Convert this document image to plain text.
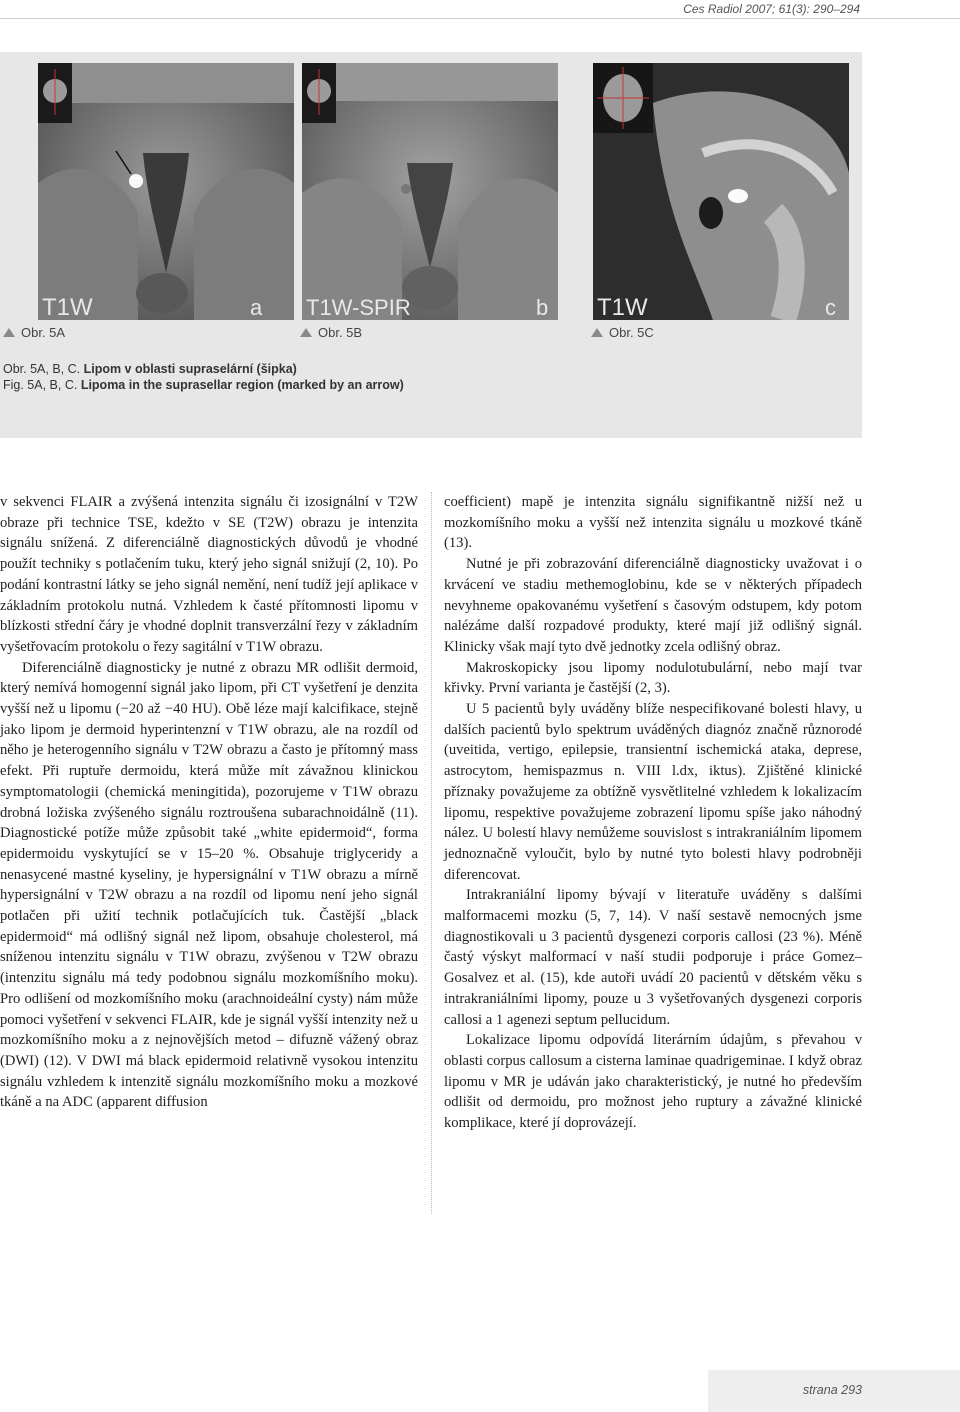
Ces Radiol 2007; 61(3): 290–294
T1W	a T1W-SPIR	b T1W	c
Obr. 5A	Obr. 5B	Obr. 5C
Obr. 5A, B, C. Lipom v oblasti supraselární (šipka)
Fig. 5A, B, C. Lipoma in the suprasellar region (marked by an arrow)

v sekvenci FLAIR a zvýšená intenzita signálu či izosignální v T2W obraze při technice TSE, kdežto v SE (T2W) obrazu je intenzita signálu snížená. Z diferenciálně diagnostických důvodů je vhodné použít techniky s potlačením tuku, který jeho signál snižují (2, 10). Po podání kontrastní látky se jeho signál nemění, není tudíž její aplikace v základním protokolu nutná. Vzhledem k časté přítomnosti lipomu v blízkosti střední čáry je vhodné doplnit transverzální řezy v základním vyšetřovacím protokolu o řezy sagitální v T1W obrazu.

Diferenciálně diagnosticky je nutné z obrazu MR odlišit dermoid, který nemívá homogenní signál jako lipom, při CT vyšetření je denzita vyšší než u lipomu (−20 až −40 HU). Obě léze mají kalcifikace, stejně jako lipom je dermoid hyperintenzní v T1W obrazu, ale na rozdíl od něho je heterogenního signálu v T2W obrazu a často je přítomný mass efekt. Při ruptuře dermoidu, která může mít závažnou klinickou symptomatologii (chemická meningitida), pozorujeme v T1W obrazu drobná ložiska zvýšeného signálu roztroušena subarachnoidálně (11). Diagnostické potíže může způsobit také „white epidermoid“, forma epidermoidu vyskytující se v 15–20 %. Obsahuje triglyceridy a nenasycené mastné kyseliny, je hypersignální v T1W obrazu a mírně hypersignální v T2W obrazu a na rozdíl od lipomu není jeho signál potlačen při užití technik potlačujících tuk. Častější „black epidermoid“ má odlišný signál než lipom, obsahuje cholesterol, má sníženou intenzitu signálu v T1W obrazu, zvýšenou v T2W obrazu (intenzitu signálu má tedy podobnou signálu mozkomíšního moku). Pro odlišení od mozkomíšního moku (arachnoideální cysty) nám může pomoci vyšetření v sekvenci FLAIR, kde je signál vyšší intenzity než u mozkomíšního moku a z nejnovějších metod – difuzně vážený obraz (DWI) (12). V DWI má black epidermoid relativně vysokou intenzitu signálu vzhledem k intenzitě signálu mozkomíšního moku a mozkové tkáně a na ADC (apparent diffusion

coefficient) mapě je intenzita signálu signifikantně nižší než u mozkomíšního moku a vyšší než intenzita signálu u mozkové tkáně (13).

Nutné je při zobrazování diferenciálně diagnosticky uvažovat i o krvácení ve stadiu methemoglobinu, kde se v některých případech nevyhneme opakovanému vyšetření s časovým odstupem, kdy potom nalézáme další rozpadové produkty, které mají již odlišný signál. Klinicky však mají tyto dvě jednotky zcela odlišný obraz.

Makroskopicky jsou lipomy nodulotubulární, nebo mají tvar křivky. První varianta je častější (2, 3).

U 5 pacientů byly uváděny blíže nespecifikované bolesti hlavy, u dalších pacientů bylo spektrum uváděných diagnóz značně různorodé (uveitida, vertigo, epilepsie, transientní ischemická ataka, deprese, astrocytom, hemispazmus n. VIII l.dx, iktus). Zjištěné klinické příznaky považujeme za obtížně vysvětlitelné vzhledem k lokalizacím lipomu, respektive považujeme zobrazení lipomu spíše jako náhodný nález. U bolestí hlavy nemůžeme souvislost s intrakraniálním lipomem jednoznačně vyloučit, bylo by nutné tyto bolesti hlavy podrobněji diferencovat.

Intrakraniální lipomy bývají v literatuře uváděny s dalšími malformacemi mozku (5, 7, 14). V naší sestavě nemocných jsme diagnostikovali u 3 pacientů dysgenezi corporis callosi (23 %). Méně častý výskyt malformací v naší studii podporuje i práce Gomez–Gosalvez et al. (15), kde autoři uvádí 20 pacientů v dětském věku s intrakraniálními lipomy, pouze u 3 vyšetřovaných dysgenezi corporis callosi a 1 agenezi septum pellucidum.

Lokalizace lipomu odpovídá literárním údajům, s převahou v oblasti corpus callosum a cisterna laminae quadrigeminae. I když obraz lipomu v MR je udáván jako charakteristický, je nutné ho především odlišit od dermoidu, pro možnost jeho ruptury a závažné klinické komplikace, které jí doprovázejí.

strana 293
